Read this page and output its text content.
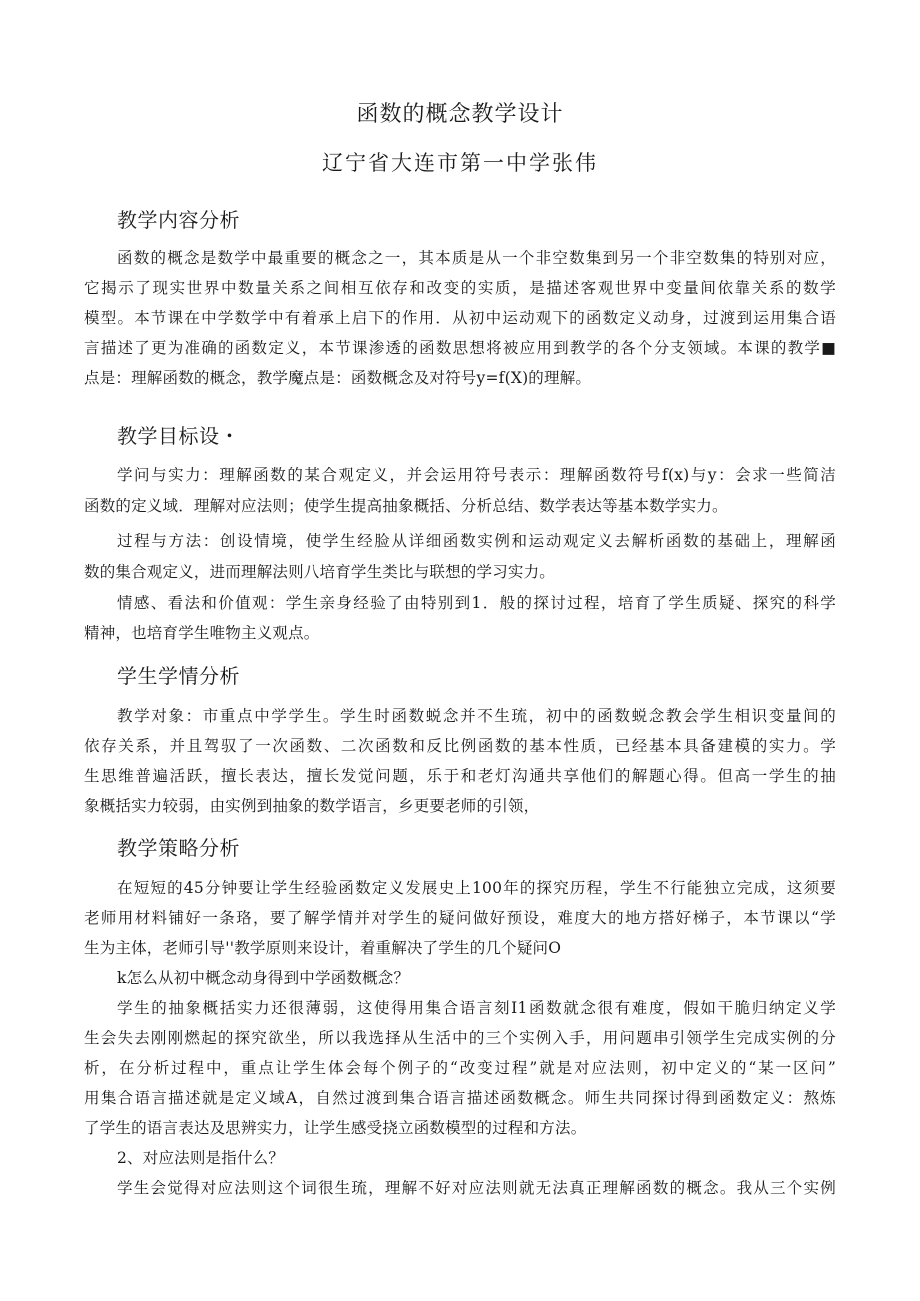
函数的概念教学设计
辽宁省大连市第一中学张伟
教学内容分析
函数的概念是数学中最重要的概念之一，其本质是从一个非空数集到另一个非空数集的特别对应，
它揭示了现实世界中数量关系之间相互依存和改变的实质，是描述客观世界中变量间依靠关系的数学
模型。本节课在中学数学中有着承上启下的作用．从初中运动观下的函数定义动身，过渡到运用集合语
言描述了更为准确的函数定义，本节课渗透的函数思想将被应用到教学的各个分支领域。本课的教学■
点是：理解函数的概念，教学魔点是：函数概念及对符号y=f(X)的理解。
教学目标设・
学问与实力：理解函数的某合观定义，并会运用符号表示：理解函数符号f(x)与y：会求一些简洁
函数的定义域．理解对应法则；使学生提高抽象概括、分析总结、数学表达等基本数学实力。
过程与方法：创设情境，使学生经脸从详细函数实例和运动观定义去解析函数的基础上，理解函
数的集合观定义，进而理解法则八培育学生类比与联想的学习实力。
情感、看法和价值观：学生亲身经验了由特别到1．般的探讨过程，培育了学生质疑、探究的科学
精神，也培育学生唯物主义观点。
学生学情分析
教学对象：市重点中学学生。学生时函数蜕念并不生琉，初中的函数蜕念教会学生相识变量间的
依存关系，并且驾驭了一次函数、二次函数和反比例函数的基本性质，已经基本具备建模的实力。学
生思维普遍活跃，擅长表达，擅长发觉问题，乐于和老灯沟通共享他们的解题心得。但高一学生的抽
象概括实力较弱，由实例到抽象的数学语言，乡更要老师的引领，
教学策略分析
在短短的45分钟要让学生经验函数定义发展史上100年的探究历程，学生不行能独立完成，这须要
老师用材料铺好一条珞，要了解学情并对学生的疑问做好预设，难度大的地方搭好梯子，本节课以“学
生为主体，老师引导''教学原则来设计，着重解决了学生的几个疑问O
k怎么从初中概念动身得到中学函数概念？
学生的抽象概括实力还很薄弱，这使得用集合语言刻I1函数就念很有难度，假如干脆归纳定义学
生会失去刚刚燃起的探究欲坐，所以我选择从生活中的三个实例入手，用问题串引领学生完成实例的分
析，在分析过程中，重点让学生体会每个例子的“改变过程”就是对应法则，初中定义的“某一区问”
用集合语言描述就是定义域A，自然过渡到集合语言描述函数概念。师生共同探讨得到函数定义：熬炼
了学生的语言表达及思辨实力，让学生感受挠立函数模型的过程和方法。
2、对应法则是指什么？
学生会觉得对应法则这个词很生琉，理解不好对应法则就无法真正理解函数的概念。我从三个实例
